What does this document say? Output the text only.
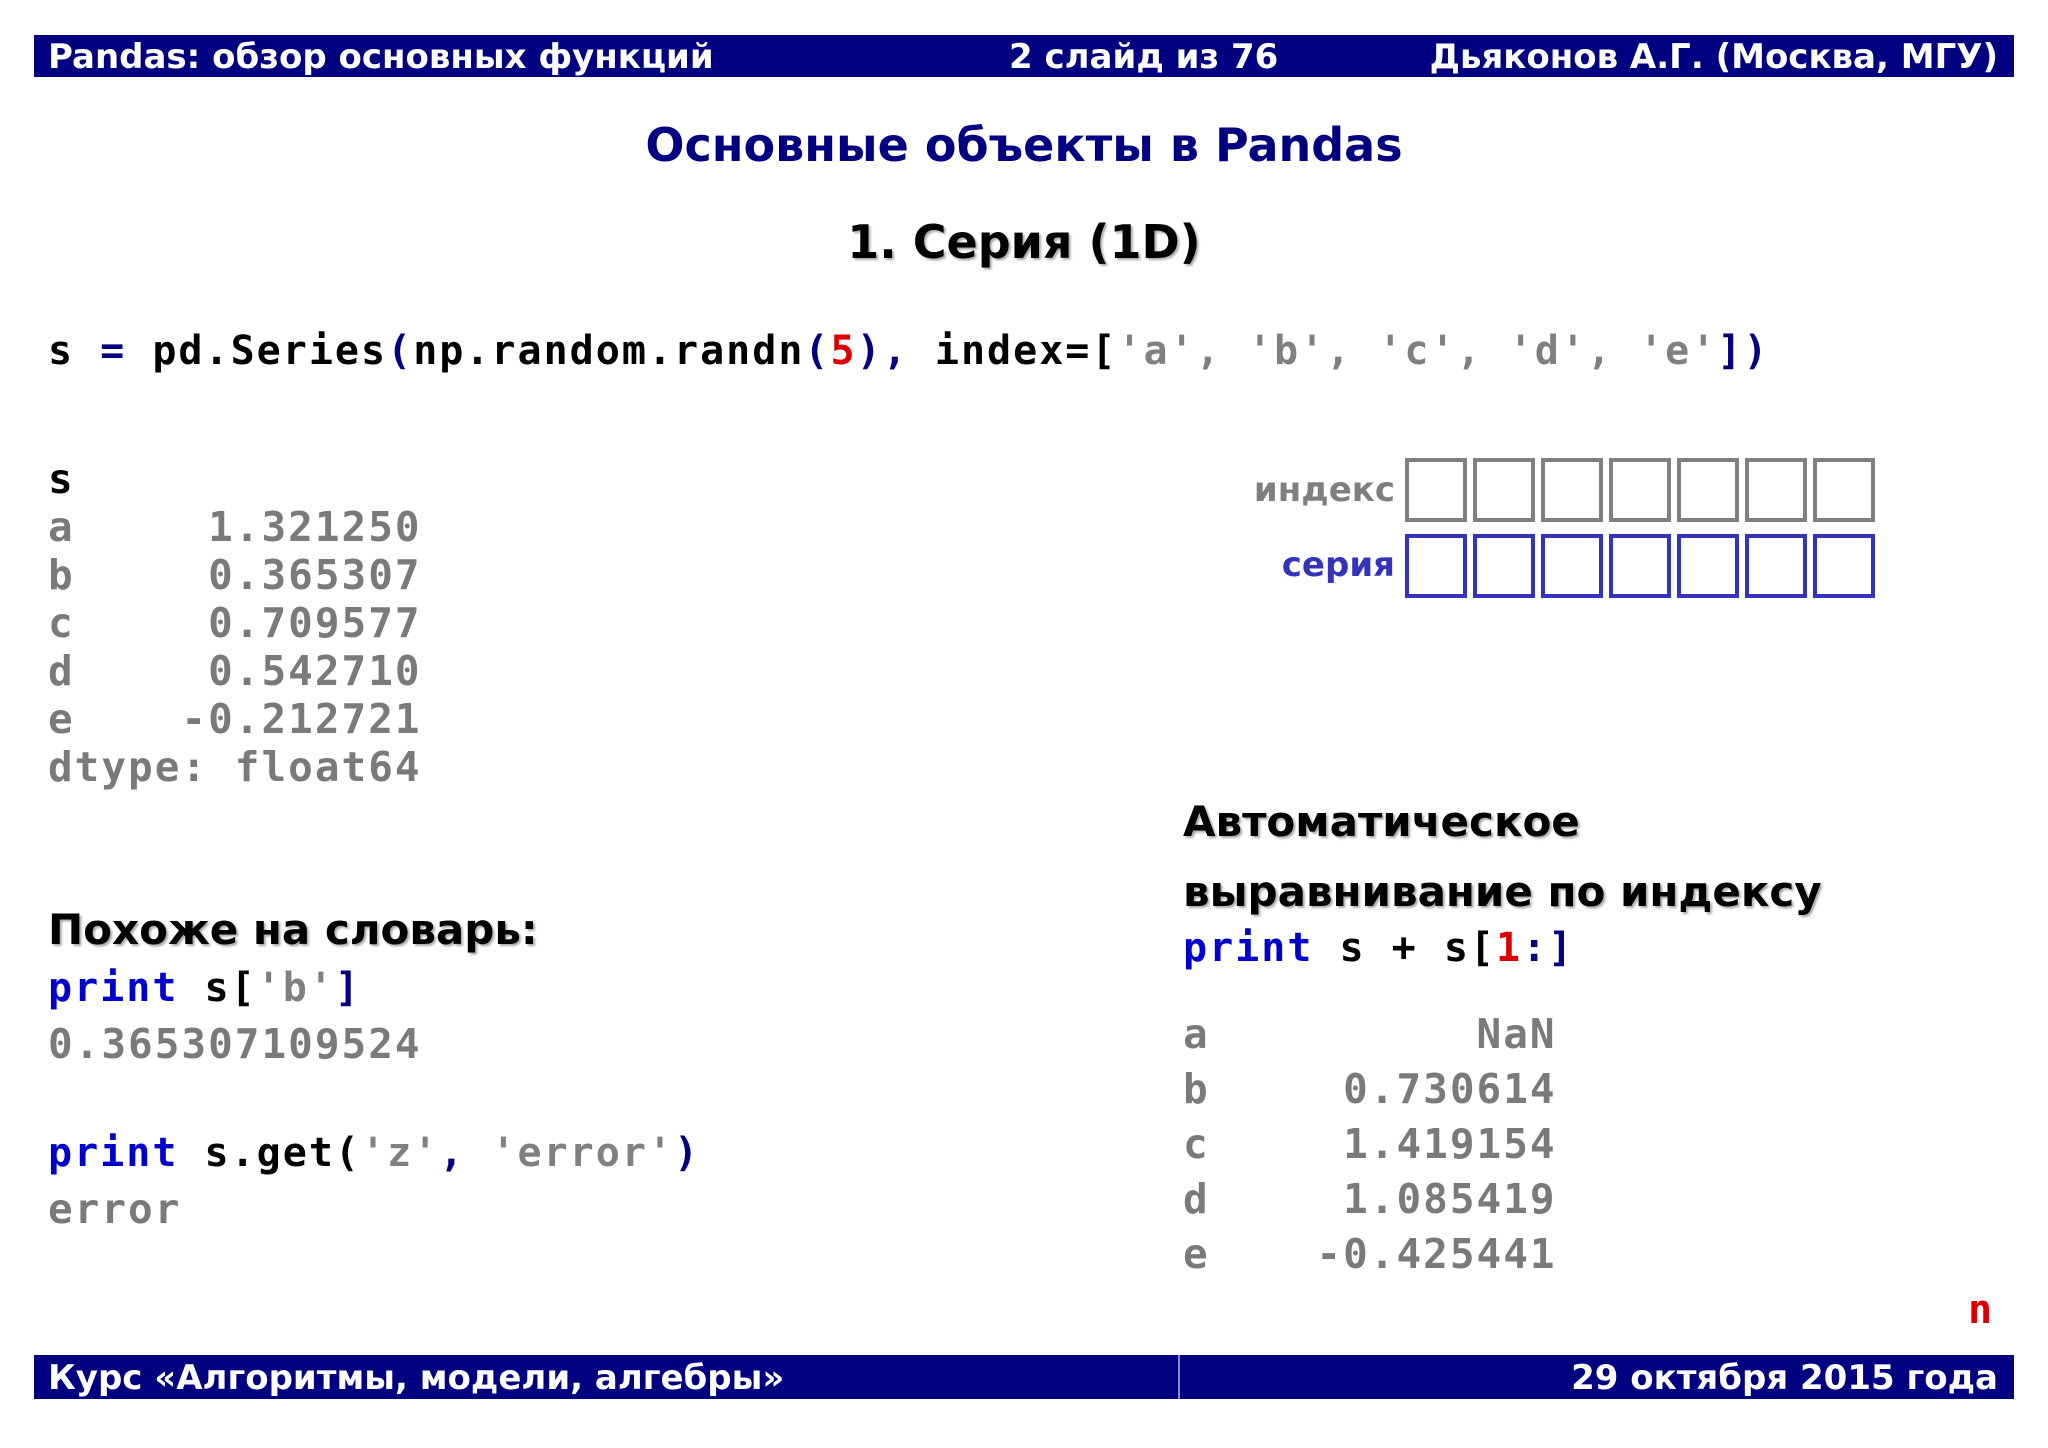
Pandas: обзор основных функций	2 слайд из 76	Дьяконов А.Г. (Москва, МГУ)
Основные объекты в Pandas
1. Серия (1D)
s = pd.Series(np.random.randn(5), index=['a', 'b', 'c', 'd', 'e'])
s
a     1.321250
b     0.365307
c     0.709577
d     0.542710
e    -0.212721
dtype: float64
индекс
серия
Похоже на словарь:
print s['b']
0.365307109524
print s.get('z', 'error')
error
Автоматическое
выравнивание по индексу
print s + s[1:]
a          NaN
b     0.730614
c     1.419154
d     1.085419
e    -0.425441
n
Курс «Алгоритмы, модели, алгебры»	29 октября 2015 года
